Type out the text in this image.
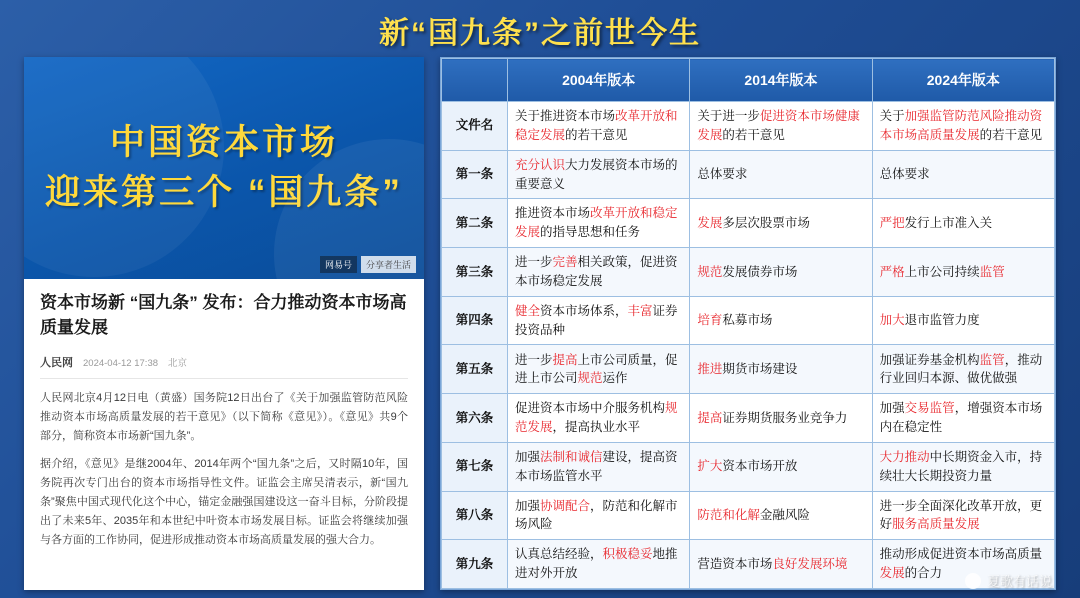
新“国九条”之前世今生
中国资本市场
迎来第三个 “国九条”
网易号	分享者生活
资本市场新 “国九条” 发布：合力推动资本市场高质量发展
人民网 2024-04-12 17:38 北京

人民网北京4月12日电（黄盛）国务院12日出台了《关于加强监管防范风险推动资本市场高质量发展的若干意见》（以下简称《意见》）。《意见》共9个部分，简称资本市场新“国九条”。

据介绍，《意见》是继2004年、2014年两个“国九条”之后，又时隔10年，国务院再次专门出台的资本市场指导性文件。证监会主席吴清表示，新“国九条”聚焦中国式现代化这个中心，锚定金融强国建设这一奋斗目标，分阶段提出了未来5年、2035年和本世纪中叶资本市场发展目标。证监会将继续加强与各方面的工作协同，促进形成推动资本市场高质量发展的强大合力。

	2004年版本	2014年版本	2024年版本
文件名	关于推进资本市场改革开放和稳定发展的若干意见	关于进一步促进资本市场健康发展的若干意见	关于加强监管防范风险推动资本市场高质量发展的若干意见
第一条	充分认识大力发展资本市场的重要意义	总体要求	总体要求
第二条	推进资本市场改革开放和稳定发展的指导思想和任务	发展多层次股票市场	严把发行上市准入关
第三条	进一步完善相关政策，促进资本市场稳定发展	规范发展债券市场	严格上市公司持续监管
第四条	健全资本市场体系，丰富证券投资品种	培育私募市场	加大退市监管力度
第五条	进一步提高上市公司质量，促进上市公司规范运作	推进期货市场建设	加强证券基金机构监管，推动行业回归本源、做优做强
第六条	促进资本市场中介服务机构规范发展，提高执业水平	提高证券期货服务业竞争力	加强交易监管，增强资本市场内在稳定性
第七条	加强法制和诚信建设，提高资本市场监管水平	扩大资本市场开放	大力推动中长期资金入市，持续壮大长期投资力量
第八条	加强协调配合，防范和化解市场风险	防范和化解金融风险	进一步全面深化改革开放，更好服务高质量发展
第九条	认真总结经验，积极稳妥地推进对外开放	营造资本市场良好发展环境	推动形成促进资本市场高质量发展的合力
夏歌有话说
